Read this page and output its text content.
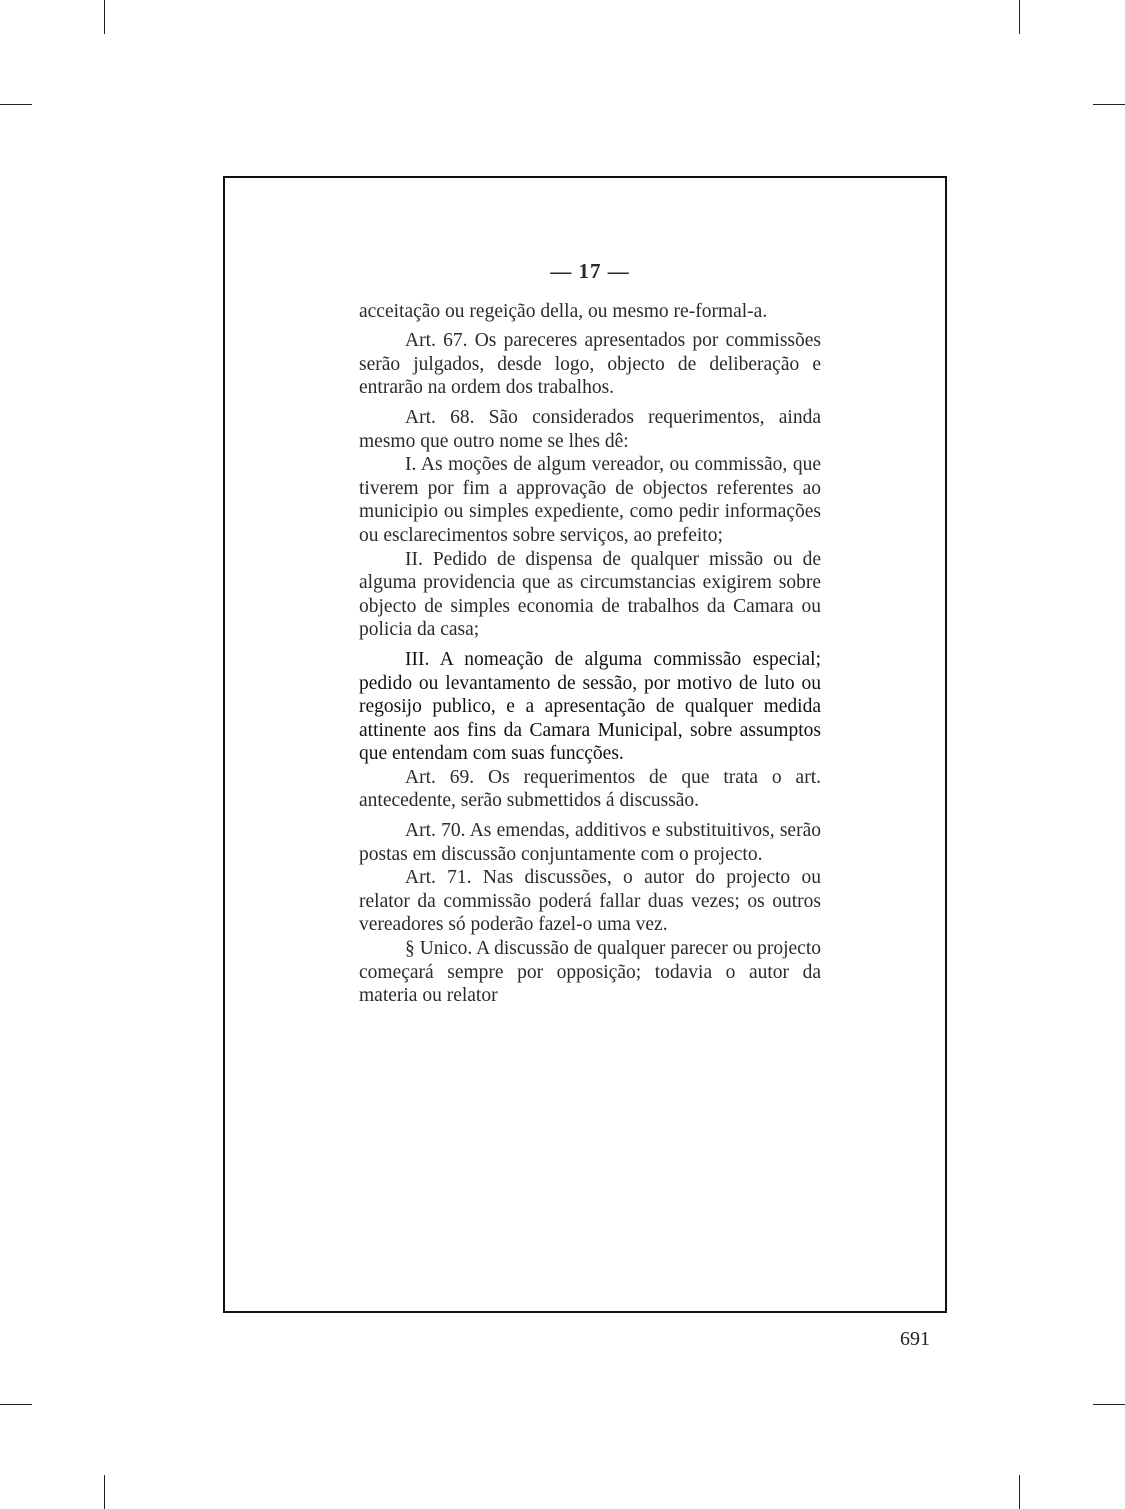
— 17 —

acceitação ou regeição della, ou mesmo re-formal-a.

Art. 67. Os pareceres apresentados por commissões serão julgados, desde logo, objecto de deliberação e entrarão na ordem dos trabalhos.

Art. 68. São considerados requerimentos, ainda mesmo que outro nome se lhes dê:

I. As moções de algum vereador, ou commissão, que tiverem por fim a approvação de objectos referentes ao municipio ou simples expediente, como pedir informações ou esclarecimentos sobre serviços, ao prefeito;

II. Pedido de dispensa de qualquer missão ou de alguma providencia que as circumstancias exigirem sobre objecto de simples economia de trabalhos da Camara ou policia da casa;

III. A nomeação de alguma commissão especial; pedido ou levantamento de sessão, por motivo de luto ou regosijo publico, e a apresentação de qualquer medida attinente aos fins da Camara Municipal, sobre assumptos que entendam com suas funcções.

Art. 69. Os requerimentos de que trata o art. antecedente, serão submettidos á discussão.

Art. 70. As emendas, additivos e substituitivos, serão postas em discussão conjuntamente com o projecto.

Art. 71. Nas discussões, o autor do projecto ou relator da commissão poderá fallar duas vezes; os outros vereadores só poderão fazel-o uma vez.

§ Unico. A discussão de qualquer parecer ou projecto começará sempre por opposição; todavia o autor da materia ou relator

691
